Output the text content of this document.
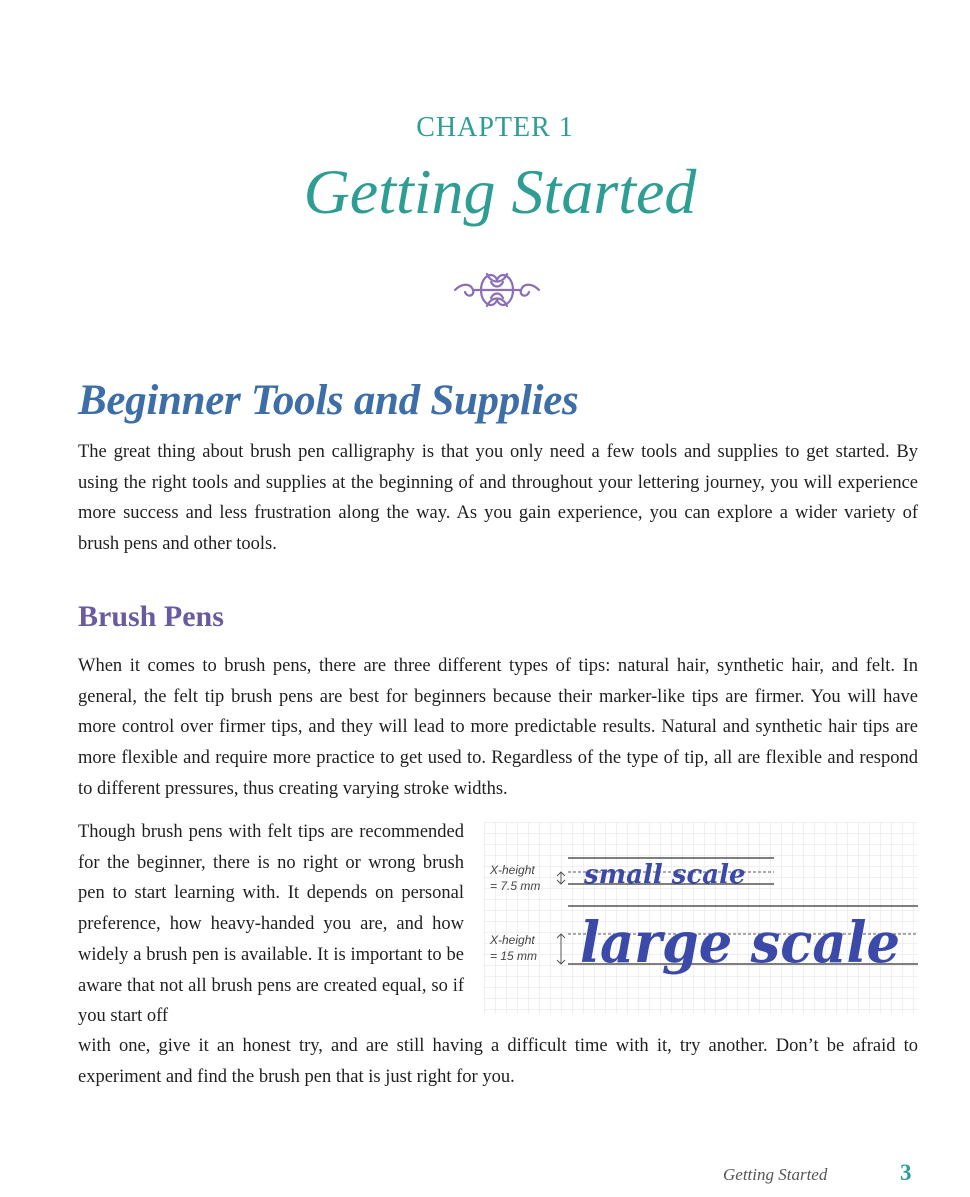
CHAPTER 1
Getting Started
Beginner Tools and Supplies

The great thing about brush pen calligraphy is that you only need a few tools and supplies to get started. By using the right tools and supplies at the beginning of and throughout your lettering journey, you will experience more success and less frustration along the way. As you gain experience, you can explore a wider variety of brush pens and other tools.

Brush Pens

When it comes to brush pens, there are three different types of tips: natural hair, synthetic hair, and felt. In general, the felt tip brush pens are best for beginners because their marker-like tips are firmer. You will have more control over firmer tips, and they will lead to more predictable results. Natural and synthetic hair tips are more flexible and require more practice to get used to. Regardless of the type of tip, all are flexible and respond to different pressures, thus creating varying stroke widths.

Though brush pens with felt tips are recommended for the beginner, there is no right or wrong brush pen to start learning with. It depends on personal preference, how heavy-handed you are, and how widely a brush pen is available. It is important to be aware that not all brush pens are created equal, so if you start off

with one, give it an honest try, and are still having a difficult time with it, try another. Don’t be afraid to experiment and find the brush pen that is just right for you.

X-height
= 7.5 mm small scale
X-height
= 15 mm large scale
Getting Started	3
